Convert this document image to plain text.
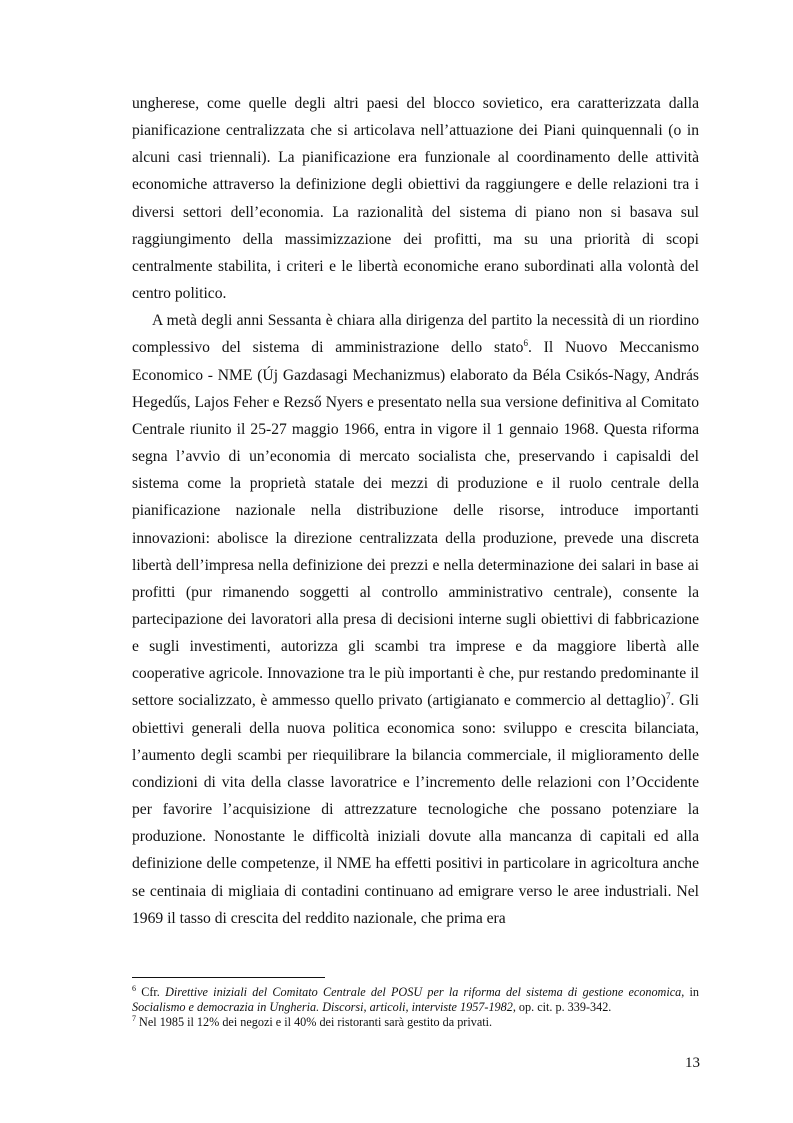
ungherese, come quelle degli altri paesi del blocco sovietico, era caratterizzata dalla pianificazione centralizzata che si articolava nell’attuazione dei Piani quinquennali (o in alcuni casi triennali). La pianificazione era funzionale al coordinamento delle attività economiche attraverso la definizione degli obiettivi da raggiungere e delle relazioni tra i diversi settori dell’economia. La razionalità del sistema di piano non si basava sul raggiungimento della massimizzazione dei profitti, ma su una priorità di scopi centralmente stabilita, i criteri e le libertà economiche erano subordinati alla volontà del centro politico.

A metà degli anni Sessanta è chiara alla dirigenza del partito la necessità di un riordino complessivo del sistema di amministrazione dello stato$^6$. Il Nuovo Meccanismo Economico - NME (Új Gazdasagi Mechanizmus) elaborato da Béla Csikós-Nagy, András Hegedűs, Lajos Feher e Rezső Nyers e presentato nella sua versione definitiva al Comitato Centrale riunito il 25-27 maggio 1966, entra in vigore il 1 gennaio 1968. Questa riforma segna l’avvio di un’economia di mercato socialista che, preservando i capisaldi del sistema come la proprietà statale dei mezzi di produzione e il ruolo centrale della pianificazione nazionale nella distribuzione delle risorse, introduce importanti innovazioni: abolisce la direzione centralizzata della produzione, prevede una discreta libertà dell’impresa nella definizione dei prezzi e nella determinazione dei salari in base ai profitti (pur rimanendo soggetti al controllo amministrativo centrale), consente la partecipazione dei lavoratori alla presa di decisioni interne sugli obiettivi di fabbricazione e sugli investimenti, autorizza gli scambi tra imprese e da maggiore libertà alle cooperative agricole. Innovazione tra le più importanti è che, pur restando predominante il settore socializzato, è ammesso quello privato (artigianato e commercio al dettaglio)$^7$. Gli obiettivi generali della nuova politica economica sono: sviluppo e crescita bilanciata, l’aumento degli scambi per riequilibrare la bilancia commerciale, il miglioramento delle condizioni di vita della classe lavoratrice e l’incremento delle relazioni con l’Occidente per favorire l’acquisizione di attrezzature tecnologiche che possano potenziare la produzione. Nonostante le difficoltà iniziali dovute alla mancanza di capitali ed alla definizione delle competenze, il NME ha effetti positivi in particolare in agricoltura anche se centinaia di migliaia di contadini continuano ad emigrare verso le aree industriali. Nel 1969 il tasso di crescita del reddito nazionale, che prima era

$^6$ Cfr. Direttive iniziali del Comitato Centrale del POSU per la riforma del sistema di gestione economica, in Socialismo e democrazia in Ungheria. Discorsi, articoli, interviste 1957-1982, op. cit. p. 339-342.

$^7$ Nel 1985 il 12% dei negozi e il 40% dei ristoranti sarà gestito da privati.

13
